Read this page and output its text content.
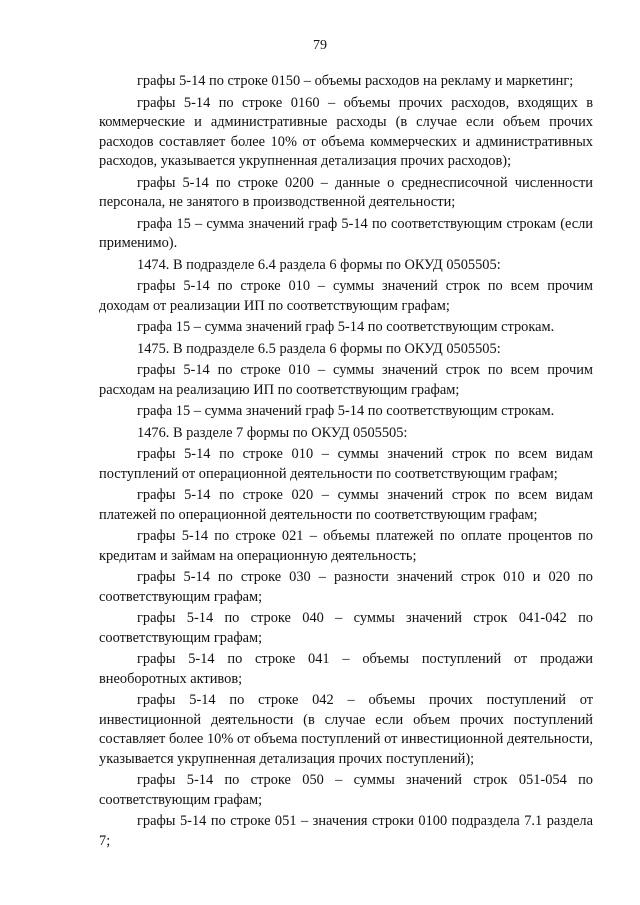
79

графы 5-14 по строке 0150 – объемы расходов на рекламу и маркетинг;

графы 5-14 по строке 0160 – объемы прочих расходов, входящих в коммерческие и административные расходы (в случае если объем прочих расходов составляет более 10% от объема коммерческих и административных расходов, указывается укрупненная детализация прочих расходов);

графы 5-14 по строке 0200 – данные о среднесписочной численности персонала, не занятого в производственной деятельности;

графа 15 – сумма значений граф 5-14 по соответствующим строкам (если применимо).

1474. В подразделе 6.4 раздела 6 формы по ОКУД 0505505:

графы 5-14 по строке 010 – суммы значений строк по всем прочим доходам от реализации ИП по соответствующим графам;

графа 15 – сумма значений граф 5-14 по соответствующим строкам.

1475. В подразделе 6.5 раздела 6 формы по ОКУД 0505505:

графы 5-14 по строке 010 – суммы значений строк по всем прочим расходам на реализацию ИП по соответствующим графам;

графа 15 – сумма значений граф 5-14 по соответствующим строкам.

1476. В разделе 7 формы по ОКУД 0505505:

графы 5-14 по строке 010 – суммы значений строк по всем видам поступлений от операционной деятельности по соответствующим графам;

графы 5-14 по строке 020 – суммы значений строк по всем видам платежей по операционной деятельности по соответствующим графам;

графы 5-14 по строке 021 – объемы платежей по оплате процентов по кредитам и займам на операционную деятельность;

графы 5-14 по строке 030 – разности значений строк 010 и 020 по соответствующим графам;

графы 5-14 по строке 040 – суммы значений строк 041-042 по соответствующим графам;

графы 5-14 по строке 041 – объемы поступлений от продажи внеоборотных активов;

графы 5-14 по строке 042 – объемы прочих поступлений от инвестиционной деятельности (в случае если объем прочих поступлений составляет более 10% от объема поступлений от инвестиционной деятельности, указывается укрупненная детализация прочих поступлений);

графы 5-14 по строке 050 – суммы значений строк 051-054 по соответствующим графам;

графы 5-14 по строке 051 – значения строки 0100 подраздела 7.1 раздела 7;
